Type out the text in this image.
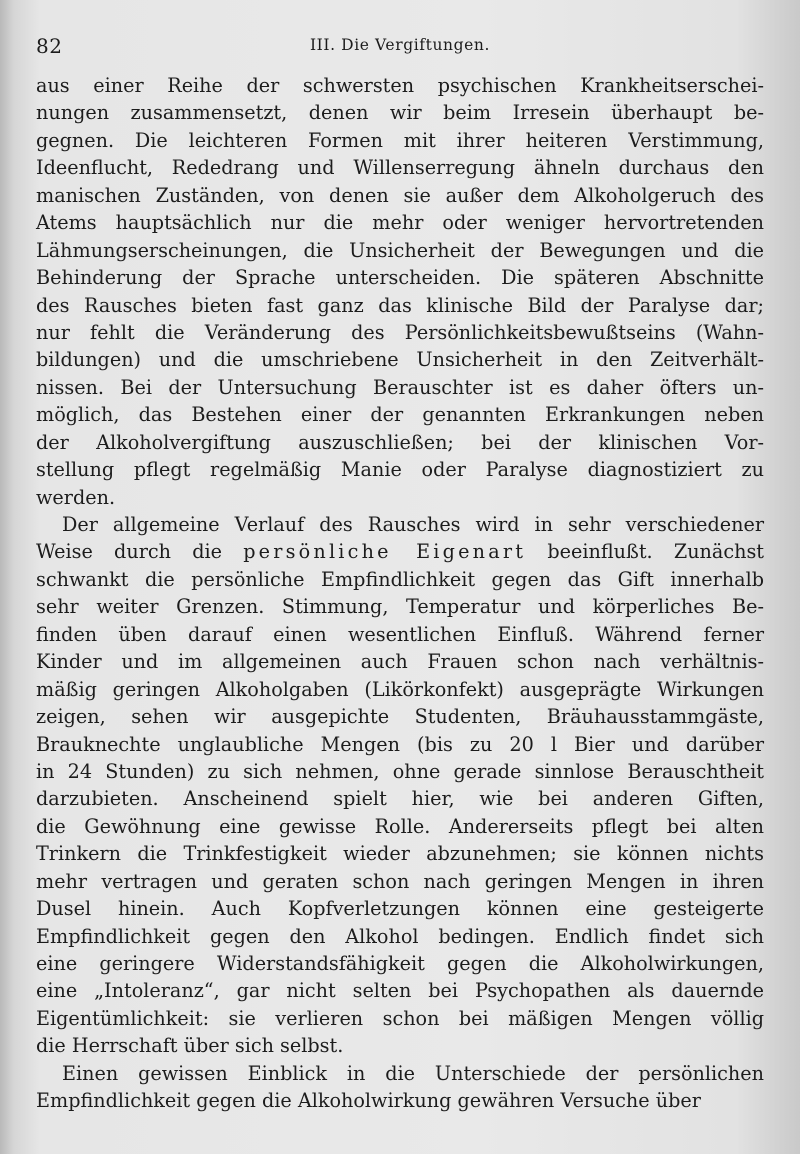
82	III. Die Vergiftungen.
aus einer Reihe der schwersten psychischen Krankheitserschei-
nungen zusammensetzt, denen wir beim Irresein überhaupt be-
gegnen. Die leichteren Formen mit ihrer heiteren Verstimmung,
Ideenflucht, Rededrang und Willenserregung ähneln durchaus den
manischen Zuständen, von denen sie außer dem Alkoholgeruch des
Atems hauptsächlich nur die mehr oder weniger hervortretenden
Lähmungserscheinungen, die Unsicherheit der Bewegungen und die
Behinderung der Sprache unterscheiden. Die späteren Abschnitte
des Rausches bieten fast ganz das klinische Bild der Paralyse dar;
nur fehlt die Veränderung des Persönlichkeitsbewußtseins (Wahn-
bildungen) und die umschriebene Unsicherheit in den Zeitverhält-
nissen. Bei der Untersuchung Berauschter ist es daher öfters un-
möglich, das Bestehen einer der genannten Erkrankungen neben
der Alkoholvergiftung auszuschließen; bei der klinischen Vor-
stellung pflegt regelmäßig Manie oder Paralyse diagnostiziert zu
werden.
Der allgemeine Verlauf des Rausches wird in sehr verschiedener
Weise durch die persönliche Eigenart beeinflußt. Zunächst
schwankt die persönliche Empfindlichkeit gegen das Gift innerhalb
sehr weiter Grenzen. Stimmung, Temperatur und körperliches Be-
finden üben darauf einen wesentlichen Einfluß. Während ferner
Kinder und im allgemeinen auch Frauen schon nach verhältnis-
mäßig geringen Alkoholgaben (Likörkonfekt) ausgeprägte Wirkungen
zeigen, sehen wir ausgepichte Studenten, Bräuhausstammgäste,
Brauknechte unglaubliche Mengen (bis zu 20 l Bier und darüber
in 24 Stunden) zu sich nehmen, ohne gerade sinnlose Berauschtheit
darzubieten. Anscheinend spielt hier, wie bei anderen Giften,
die Gewöhnung eine gewisse Rolle. Andererseits pflegt bei alten
Trinkern die Trinkfestigkeit wieder abzunehmen; sie können nichts
mehr vertragen und geraten schon nach geringen Mengen in ihren
Dusel hinein. Auch Kopfverletzungen können eine gesteigerte
Empfindlichkeit gegen den Alkohol bedingen. Endlich findet sich
eine geringere Widerstandsfähigkeit gegen die Alkoholwirkungen,
eine „Intoleranz“, gar nicht selten bei Psychopathen als dauernde
Eigentümlichkeit: sie verlieren schon bei mäßigen Mengen völlig
die Herrschaft über sich selbst.
Einen gewissen Einblick in die Unterschiede der persönlichen
Empfindlichkeit gegen die Alkoholwirkung gewähren Versuche über
